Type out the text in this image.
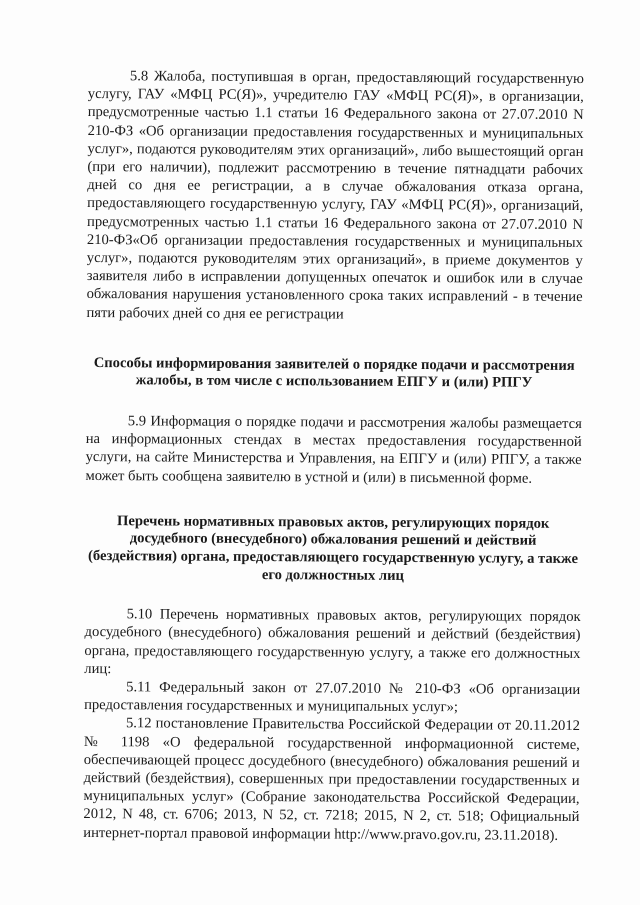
5.8 Жалоба, поступившая в орган, предоставляющий государственную услугу, ГАУ «МФЦ РС(Я)», учредителю ГАУ «МФЦ РС(Я)», в организации, предусмотренные частью 1.1 статьи 16 Федерального закона от 27.07.2010 N 210-ФЗ «Об организации предоставления государственных и муниципальных услуг», подаются руководителям этих организаций», либо вышестоящий орган (при его наличии), подлежит рассмотрению в течение пятнадцати рабочих дней со дня ее регистрации, а в случае обжалования отказа органа, предоставляющего государственную услугу, ГАУ «МФЦ РС(Я)», организаций, предусмотренных частью 1.1 статьи 16 Федерального закона от 27.07.2010 N 210-ФЗ«Об организации предоставления государственных и муниципальных услуг», подаются руководителям этих организаций», в приеме документов у заявителя либо в исправлении допущенных опечаток и ошибок или в случае обжалования нарушения установленного срока таких исправлений - в течение пяти рабочих дней со дня ее регистрации

Способы информирования заявителей о порядке подачи и рассмотрения жалобы, в том числе с использованием ЕПГУ и (или) РПГУ

5.9 Информация о порядке подачи и рассмотрения жалобы размещается на информационных стендах в местах предоставления государственной услуги, на сайте Министерства и Управления, на ЕПГУ и (или) РПГУ, а также может быть сообщена заявителю в устной и (или) в письменной форме.

Перечень нормативных правовых актов, регулирующих порядок досудебного (внесудебного) обжалования решений и действий (бездействия) органа, предоставляющего государственную услугу, а также его должностных лиц

5.10 Перечень нормативных правовых актов, регулирующих порядок досудебного (внесудебного) обжалования решений и действий (бездействия) органа, предоставляющего государственную услугу, а также его должностных лиц:

5.11 Федеральный закон от 27.07.2010 № 210-ФЗ «Об организации предоставления государственных и муниципальных услуг»;

5.12 постановление Правительства Российской Федерации от 20.11.2012 № 1198 «О федеральной государственной информационной системе, обеспечивающей процесс досудебного (внесудебного) обжалования решений и действий (бездействия), совершенных при предоставлении государственных и муниципальных услуг» (Собрание законодательства Российской Федерации, 2012, N 48, ст. 6706; 2013, N 52, ст. 7218; 2015, N 2, ст. 518; Официальный интернет-портал правовой информации http://www.pravo.gov.ru, 23.11.2018).
